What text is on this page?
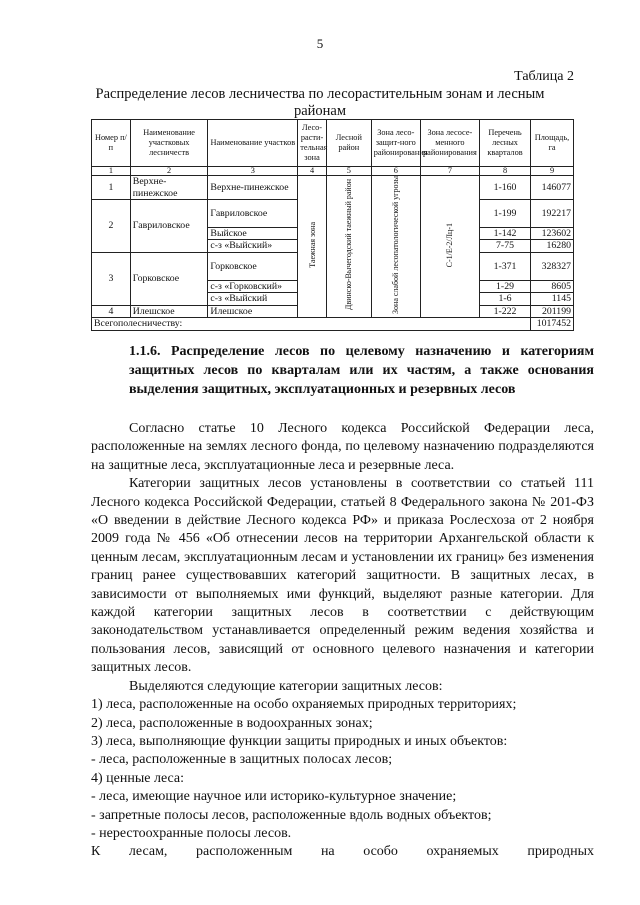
5
Таблица 2
Распределение лесов лесничества по лесорастительным зонам и лесным районам
Номер п/п	Наименование участковых лесничеств	Наименование участков	Лесо-расти-тельная зона	Лесной район	Зона лесо-защит-ного районирования	Зона лесосе-менного районирования	Перечень лесных кварталов	Площадь, га
1	2	3	4	5	6	7	8	9
1	Верхне-пинежское	Верхне-пинежское	Таежная зона	Двинско-Вычегодский таежный район	Зона слабой лесопатологической угрозы	С-1/Е-2/Лц-1	1-160	146077
2	Гавриловское	Гавриловское					1-199	192217
		Выйское					1-142	123602
		с-з «Выйский»					7-75	16280
3	Горковское	Горковское					1-371	328327
		с-з «Горковский»					1-29	8605
		с-з «Выйский					1-6	1145
4	Илешское	Илешское					1-222	201199
Всегополесничеству:								1017452
1.1.6. Распределение лесов по целевому назначению и категориям защитных лесов по кварталам или их частям, а также основания выделения защитных, эксплуатационных и резервных лесов

Согласно статье 10 Лесного кодекса Российской Федерации леса, расположенные на землях лесного фонда, по целевому назначению подразделяются на защитные леса, эксплуатационные леса и резервные леса.

Категории защитных лесов установлены в соответствии со статьей 111 Лесного кодекса Российской Федерации, статьей 8 Федерального закона № 201-ФЗ «О введении в действие Лесного кодекса РФ» и приказа Рослесхоза от 2 ноября 2009 года № 456 «Об отнесении лесов на территории Архангельской области к ценным лесам, эксплуатационным лесам и установлении их границ» без изменения границ ранее существовавших категорий защитности. В защитных лесах, в зависимости от выполняемых ими функций, выделяют разные категории. Для каждой категории защитных лесов в соответствии с действующим законодательством устанавливается определенный режим ведения хозяйства и пользования лесов, зависящий от основного целевого назначения и категории защитных лесов.

Выделяются следующие категории защитных лесов:

1) леса, расположенные на особо охраняемых природных территориях;

2) леса, расположенные в водоохранных зонах;

3) леса, выполняющие функции защиты природных и иных объектов:

- леса, расположенные в защитных полосах лесов;

4) ценные леса:

- леса, имеющие научное или историко-культурное значение;

- запретные полосы лесов, расположенные вдоль водных объектов;

- нерестоохранные полосы лесов.

К лесам, расположенным на особо охраняемых природных
